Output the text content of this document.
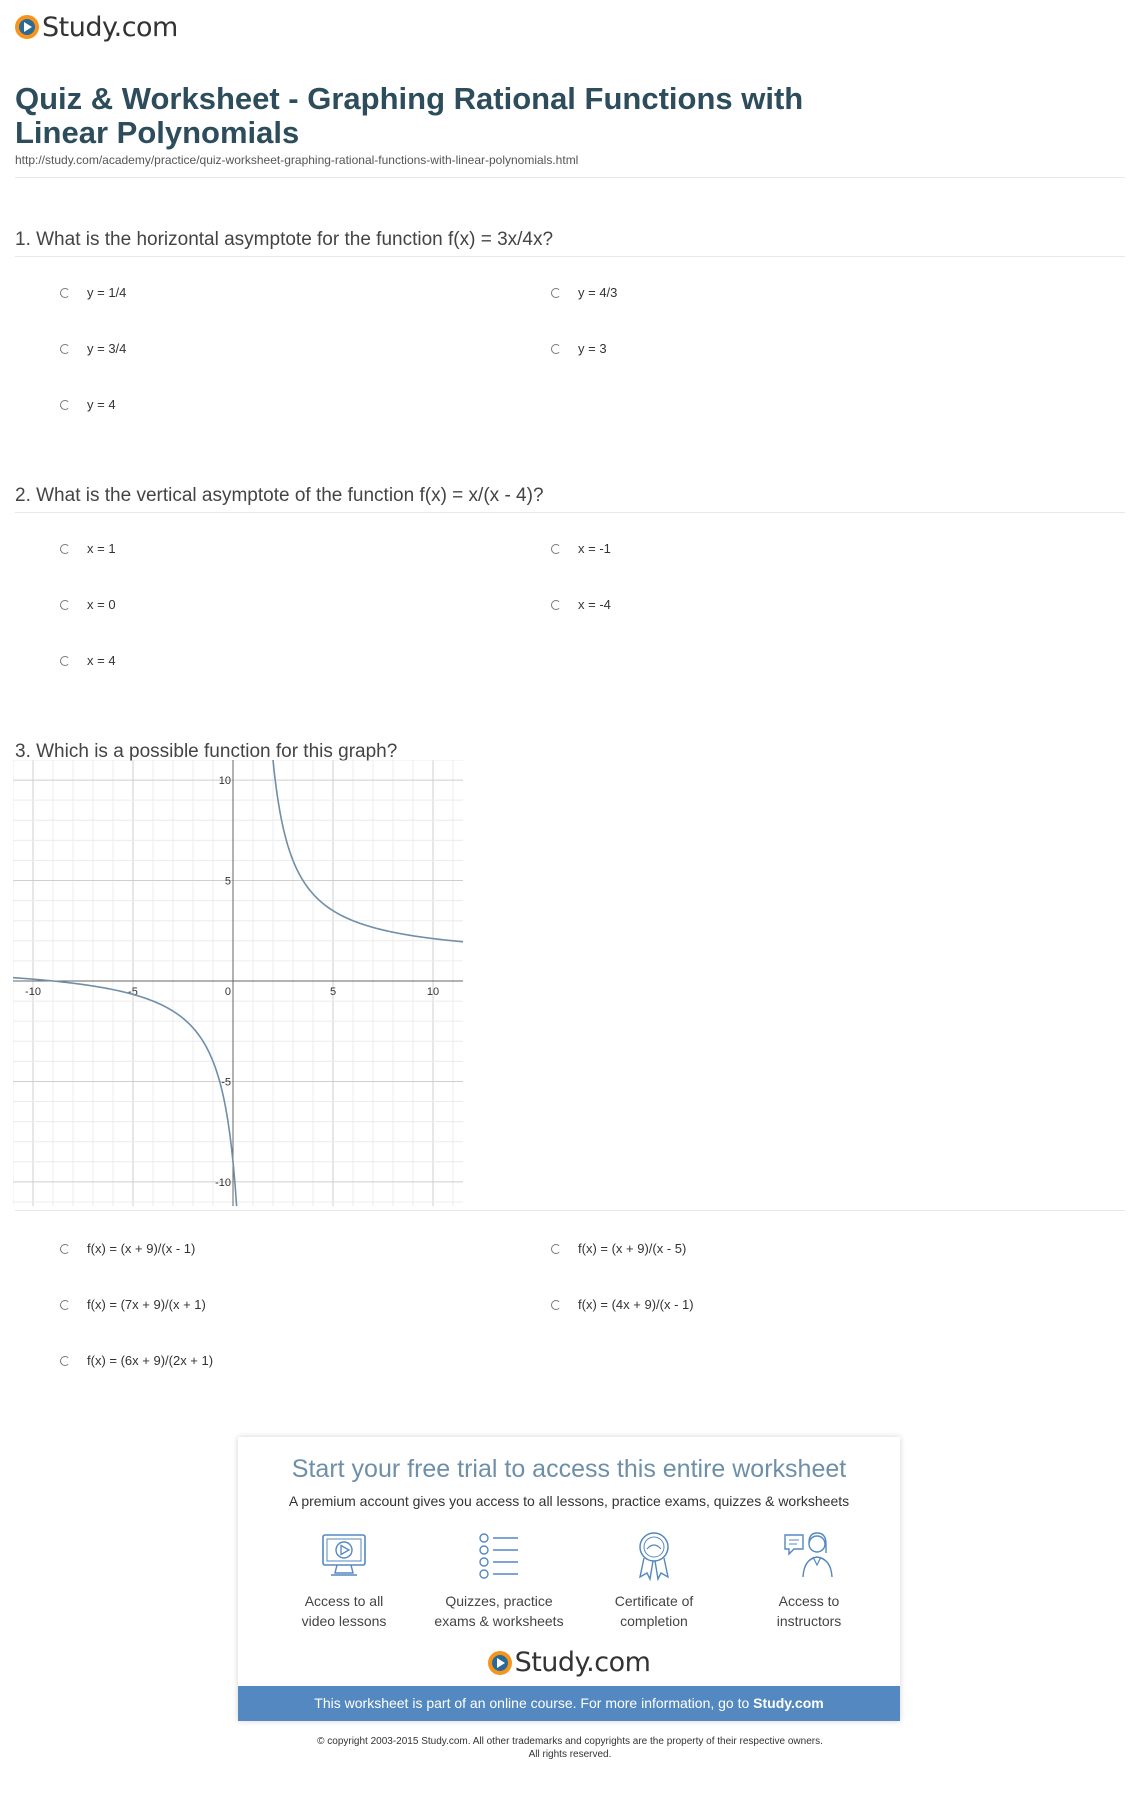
Study.com
Quiz & Worksheet - Graphing Rational Functions with
Linear Polynomials
http://study.com/academy/practice/quiz-worksheet-graphing-rational-functions-with-linear-polynomials.html
1. What is the horizontal asymptote for the function f(x) = 3x/4x?
y = 1/4	y = 4/3
y = 3/4	y = 3
y = 4
2. What is the vertical asymptote of the function f(x) = x/(x - 4)?
x = 1	x = -1
x = 0	x = -4
x = 4
3. Which is a possible function for this graph?
-10	-5	0	5	10
10
5
-5
-10
f(x) = (x + 9)/(x - 1)	f(x) = (x + 9)/(x - 5)
f(x) = (7x + 9)/(x + 1)	f(x) = (4x + 9)/(x - 1)
f(x) = (6x + 9)/(2x + 1)
Start your free trial to access this entire worksheet
A premium account gives you access to all lessons, practice exams, quizzes & worksheets
Access to all
video lessons
Quizzes, practice
exams & worksheets
Certificate of
completion
Access to
instructors
Study.com
This worksheet is part of an online course. For more information, go to Study.com
© copyright 2003-2015 Study.com. All other trademarks and copyrights are the property of their respective owners.
All rights reserved.
